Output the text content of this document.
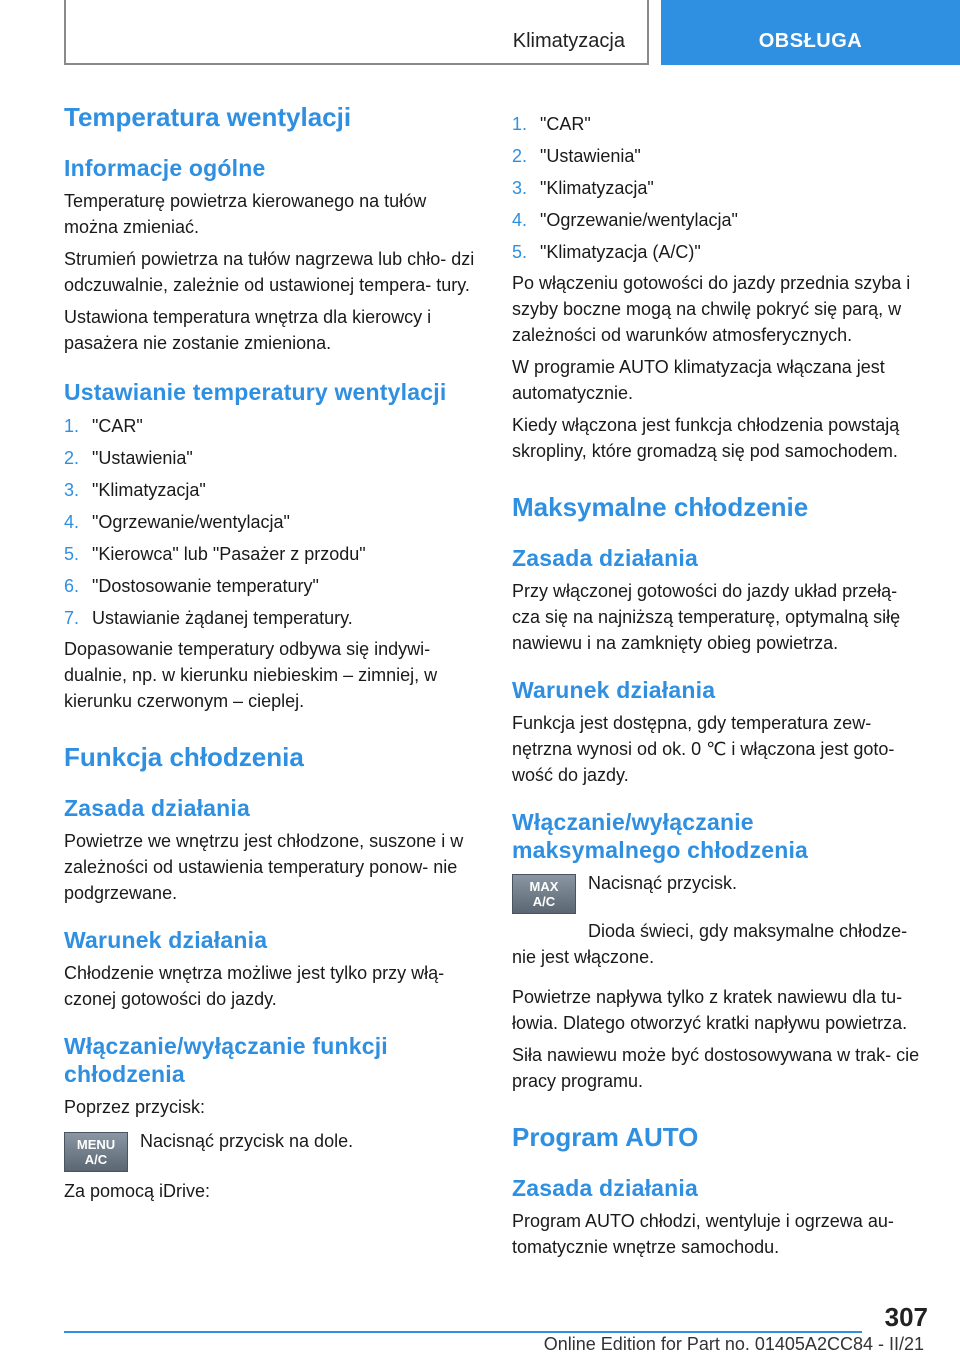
Klimatyzacja	OBSŁUGA
Temperatura wentylacji
Informacje ogólne

Temperaturę powietrza kierowanego na tułów można zmieniać.

Strumień powietrza na tułów nagrzewa lub chło- dzi odczuwalnie, zależnie od ustawionej tempera- tury.

Ustawiona temperatura wnętrza dla kierowcy i pasażera nie zostanie zmieniona.

Ustawianie temperatury wentylacji
1. "CAR"
2. "Ustawienia"
3. "Klimatyzacja"
4. "Ogrzewanie/wentylacja"
5. "Kierowca" lub "Pasażer z przodu"
6. "Dostosowanie temperatury"
7. Ustawianie żądanej temperatury.

Dopasowanie temperatury odbywa się indywi- dualnie, np. w kierunku niebieskim – zimniej, w kierunku czerwonym – cieplej.

Funkcja chłodzenia
Zasada działania

Powietrze we wnętrzu jest chłodzone, suszone i w zależności od ustawienia temperatury ponow- nie podgrzewane.

Warunek działania

Chłodzenie wnętrza możliwe jest tylko przy włą- czonej gotowości do jazdy.

Włączanie/wyłączanie funkcji chłodzenia

Poprzez przycisk:

MENU
A/C

Nacisnąć przycisk na dole.

Za pomocą iDrive:

1. "CAR"
2. "Ustawienia"
3. "Klimatyzacja"
4. "Ogrzewanie/wentylacja"
5. "Klimatyzacja (A/C)"

Po włączeniu gotowości do jazdy przednia szyba i szyby boczne mogą na chwilę pokryć się parą, w zależności od warunków atmosferycznych.

W programie AUTO klimatyzacja włączana jest automatycznie.

Kiedy włączona jest funkcja chłodzenia powstają skropliny, które gromadzą się pod samochodem.

Maksymalne chłodzenie
Zasada działania

Przy włączonej gotowości do jazdy układ przełą- cza się na najniższą temperaturę, optymalną siłę nawiewu i na zamknięty obieg powietrza.

Warunek działania

Funkcja jest dostępna, gdy temperatura zew- nętrzna wynosi od ok. 0 ℃ i włączona jest goto- wość do jazdy.

Włączanie/wyłączanie maksymalnego chłodzenia
MAX
A/C

Nacisnąć przycisk.

Dioda świeci, gdy maksymalne chłodze- nie jest włączone.

Powietrze napływa tylko z kratek nawiewu dla tu- łowia. Dlatego otworzyć kratki napływu powietrza.

Siła nawiewu może być dostosowywana w trak- cie pracy programu.

Program AUTO
Zasada działania

Program AUTO chłodzi, wentyluje i ogrzewa au- tomatycznie wnętrze samochodu.

307
Online Edition for Part no. 01405A2CC84 - II/21
